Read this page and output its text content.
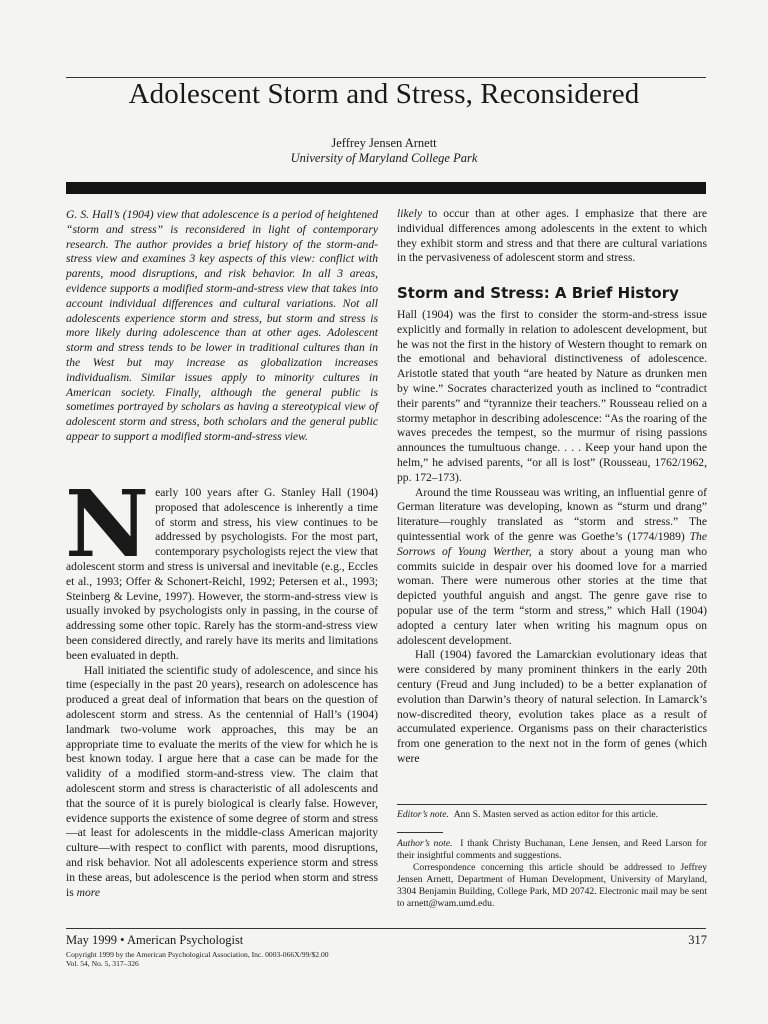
Adolescent Storm and Stress, Reconsidered
Jeffrey Jensen Arnett
University of Maryland College Park

G. S. Hall’s (1904) view that adolescence is a period of heightened “storm and stress” is reconsidered in light of contemporary research. The author provides a brief history of the storm-and-stress view and examines 3 key aspects of this view: conflict with parents, mood disruptions, and risk behavior. In all 3 areas, evidence supports a modified storm-and-stress view that takes into account individual differences and cultural variations. Not all adolescents experience storm and stress, but storm and stress is more likely during adolescence than at other ages. Adolescent storm and stress tends to be lower in traditional cultures than in the West but may increase as globalization increases individualism. Similar issues apply to minority cultures in American society. Finally, although the general public is sometimes portrayed by scholars as having a stereotypical view of adolescent storm and stress, both scholars and the general public appear to support a modified storm-and-stress view.

Nearly 100 years after G. Stanley Hall (1904) proposed that adolescence is inherently a time of storm and stress, his view continues to be addressed by psychologists. For the most part, contemporary psychologists reject the view that adolescent storm and stress is universal and inevitable (e.g., Eccles et al., 1993; Offer & Schonert-Reichl, 1992; Petersen et al., 1993; Steinberg & Levine, 1997). However, the storm-and-stress view is usually invoked by psychologists only in passing, in the course of addressing some other topic. Rarely has the storm-and-stress view been considered directly, and rarely have its merits and limitations been evaluated in depth.

Hall initiated the scientific study of adolescence, and since his time (especially in the past 20 years), research on adolescence has produced a great deal of information that bears on the question of adolescent storm and stress. As the centennial of Hall’s (1904) landmark two-volume work approaches, this may be an appropriate time to evaluate the merits of the view for which he is best known today. I argue here that a case can be made for the validity of a modified storm-and-stress view. The claim that adolescent storm and stress is characteristic of all adolescents and that the source of it is purely biological is clearly false. However, evidence supports the existence of some degree of storm and stress—at least for adolescents in the middle-class American majority culture—with respect to conflict with parents, mood disruptions, and risk behavior. Not all adolescents experience storm and stress in these areas, but adolescence is the period when storm and stress is more

likely to occur than at other ages. I emphasize that there are individual differences among adolescents in the extent to which they exhibit storm and stress and that there are cultural variations in the pervasiveness of adolescent storm and stress.

Storm and Stress: A Brief History

Hall (1904) was the first to consider the storm-and-stress issue explicitly and formally in relation to adolescent development, but he was not the first in the history of Western thought to remark on the emotional and behavioral distinctiveness of adolescence. Aristotle stated that youth “are heated by Nature as drunken men by wine.” Socrates characterized youth as inclined to “contradict their parents” and “tyrannize their teachers.” Rousseau relied on a stormy metaphor in describing adolescence: “As the roaring of the waves precedes the tempest, so the murmur of rising passions announces the tumultuous change. . . . Keep your hand upon the helm,” he advised parents, “or all is lost” (Rousseau, 1762/1962, pp. 172–173).

Around the time Rousseau was writing, an influential genre of German literature was developing, known as “sturm und drang” literature—roughly translated as “storm and stress.” The quintessential work of the genre was Goethe’s (1774/1989) The Sorrows of Young Werther, a story about a young man who commits suicide in despair over his doomed love for a married woman. There were numerous other stories at the time that depicted youthful anguish and angst. The genre gave rise to popular use of the term “storm and stress,” which Hall (1904) adopted a century later when writing his magnum opus on adolescent development.

Hall (1904) favored the Lamarckian evolutionary ideas that were considered by many prominent thinkers in the early 20th century (Freud and Jung included) to be a better explanation of evolution than Darwin’s theory of natural selection. In Lamarck’s now-discredited theory, evolution takes place as a result of accumulated experience. Organisms pass on their characteristics from one generation to the next not in the form of genes (which were

Editor’s note. Ann S. Masten served as action editor for this article.

Author’s note. I thank Christy Buchanan, Lene Jensen, and Reed Larson for their insightful comments and suggestions.

Correspondence concerning this article should be addressed to Jeffrey Jensen Arnett, Department of Human Development, University of Maryland, 3304 Benjamin Building, College Park, MD 20742. Electronic mail may be sent to arnett@wam.umd.edu.

May 1999 • American Psychologist	317
Copyright 1999 by the American Psychological Association, Inc. 0003-066X/99/$2.00
Vol. 54, No. 5, 317–326
